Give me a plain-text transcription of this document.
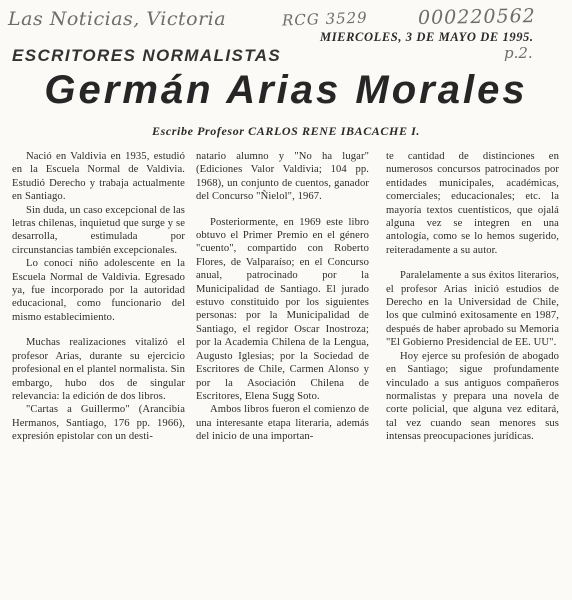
Las Noticias, Victoria	RCG 3529	000220562
p.2.
MIERCOLES, 3 DE MAYO DE 1995.
ESCRITORES NORMALISTAS
Germán Arias Morales
Escribe Profesor CARLOS RENE IBACACHE I.

Nació en Valdivia en 1935, estudió en la Escuela Normal de Valdivia. Estudió Derecho y trabaja actualmente en Santiago.

Sin duda, un caso excepcional de las letras chilenas, inquietud que surge y se desarrolla, estimulada por circunstancias también excepcionales.

Lo conocí niño adolescente en la Escuela Normal de Valdivia. Egresado ya, fue incorporado por la autoridad educacional, como funcionario del mismo establecimiento.

Muchas realizaciones vitalizó el profesor Arias, durante su ejercicio profesional en el plantel normalista. Sin embargo, hubo dos de singular relevancia: la edición de dos libros.

"Cartas a Guillermo" (Arancibia Hermanos, Santiago, 176 pp. 1966), expresión epistolar con un desti-

natario alumno y "No ha lugar" (Ediciones Valor Valdivia; 104 pp. 1968), un conjunto de cuentos, ganador del Concurso "Ñielol", 1967.

Posteriormente, en 1969 este libro obtuvo el Primer Premio en el género "cuento", compartido con Roberto Flores, de Valparaíso; en el Concurso anual, patrocinado por la Municipalidad de Santiago. El jurado estuvo constituido por los siguientes personas: por la Municipalidad de Santiago, el regidor Oscar Inostroza; por la Academia Chilena de la Lengua, Augusto Iglesias; por la Sociedad de Escritores de Chile, Carmen Alonso y por la Asociación Chilena de Escritores, Elena Sugg Soto.

Ambos libros fueron el comienzo de una interesante etapa literaria, además del inicio de una importan-

te cantidad de distinciones en numerosos concursos patrocinados por entidades municipales, académicas, comerciales; educacionales; etc. la mayoría textos cuentísticos, que ojalá alguna vez se integren en una antología, como se lo hemos sugerido, reiteradamente a su autor.

Paralelamente a sus éxitos literarios, el profesor Arias inició estudios de Derecho en la Universidad de Chile, los que culminó exitosamente en 1987, después de haber aprobado su Memoria "El Gobierno Presidencial de EE. UU".

Hoy ejerce su profesión de abogado en Santiago; sigue profundamente vinculado a sus antiguos compañeros normalistas y prepara una novela de corte policial, que alguna vez editará, tal vez cuando sean menores sus intensas preocupaciones jurídicas.
